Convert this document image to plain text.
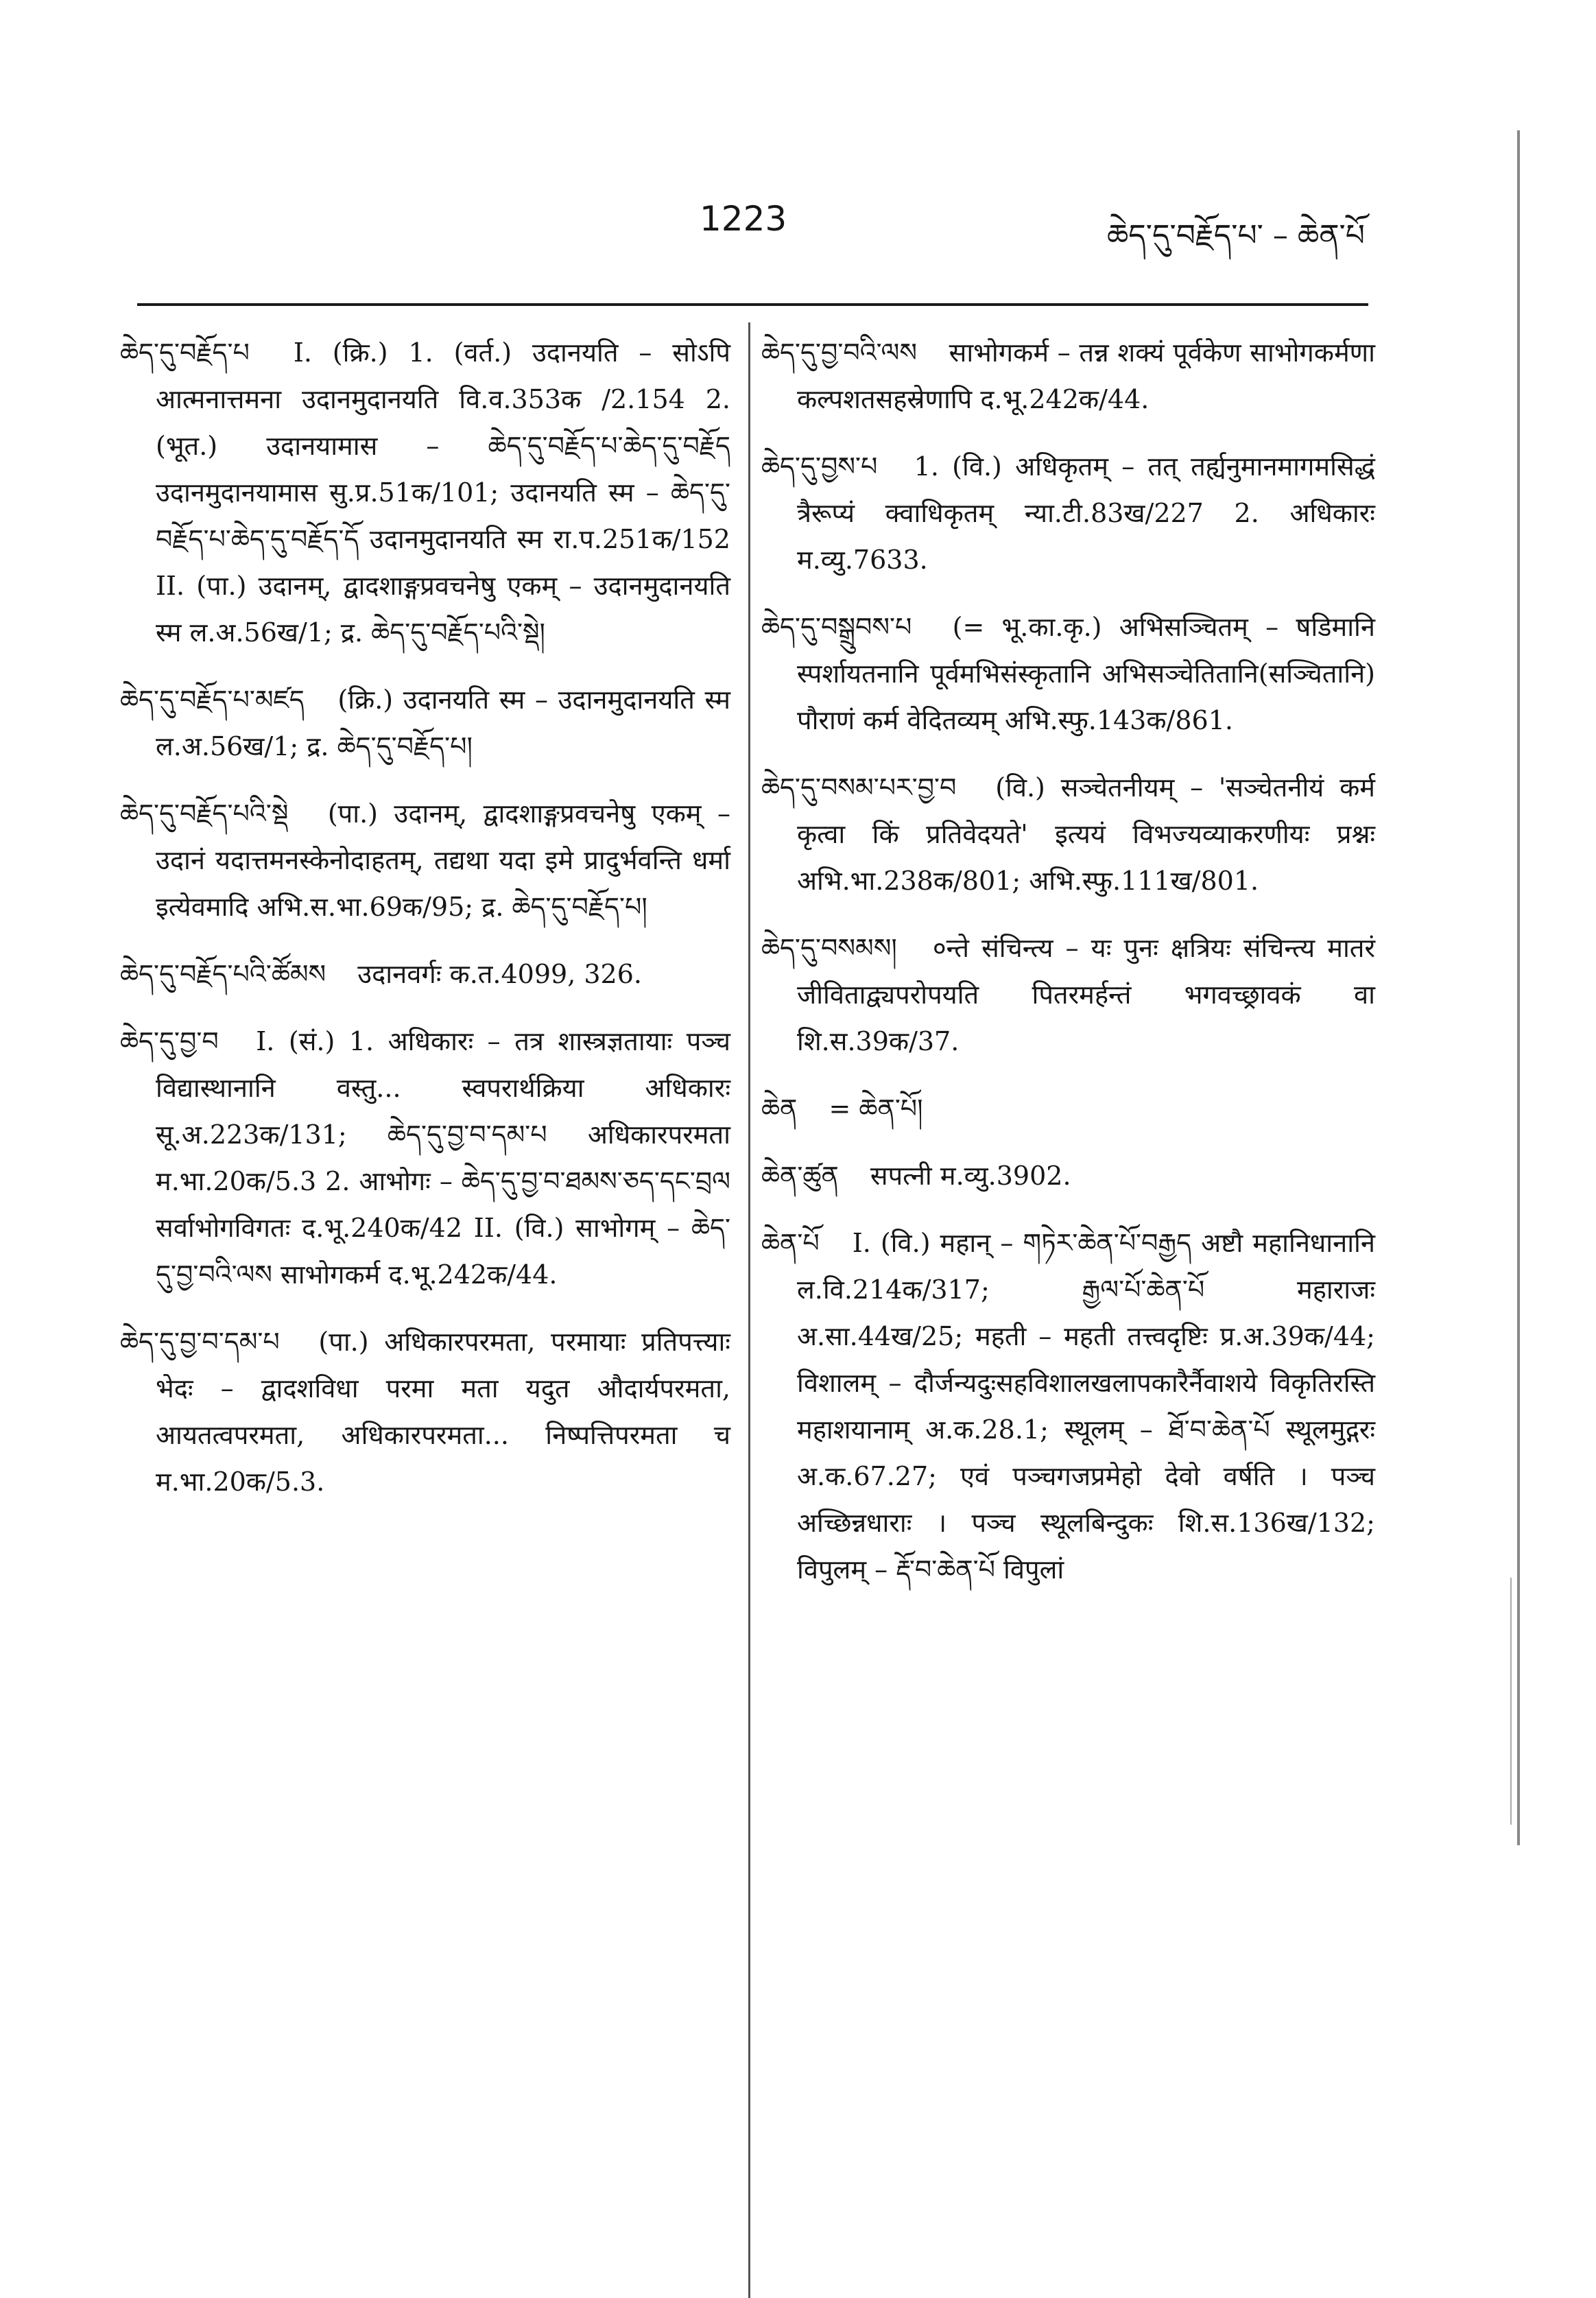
1223	ཆེད་དུ་བརྗོད་པ་ – ཆེན་པོ
ཆེད་དུ་བརྗོད་པ I. (क्रि.) 1. (वर्त.) उदानयति – सोऽपि आत्मनात्तमना उदानमुदानयति वि.व.353क /2.154 2. (भूत.) उदानयामास – ཆེད་དུ་བརྗོད་པ་ཆེད་དུ་བརྗོད उदानमुदानयामास सु.प्र.51क/101; उदानयति स्म – ཆེད་དུ་བརྗོད་པ་ཆེད་དུ་བརྗོད་དོ उदानमुदानयति स्म रा.प.251क/152 II. (पा.) उदानम्, द्वादशाङ्गप्रवचनेषु एकम् – उदानमुदानयति स्म ल.अ.56ख/1; द्र. ཆེད་དུ་བརྗོད་པའི་སྡེ།
ཆེད་དུ་བརྗོད་པ་མཛད (क्रि.) उदानयति स्म – उदानमुदानयति स्म ल.अ.56ख/1; द्र. ཆེད་དུ་བརྗོད་པ།
ཆེད་དུ་བརྗོད་པའི་སྡེ (पा.) उदानम्, द्वादशाङ्गप्रवचनेषु एकम् – उदानं यदात्तमनस्केनोदाहतम्, तद्यथा यदा इमे प्रादुर्भवन्ति धर्मा इत्येवमादि अभि.स.भा.69क/95; द्र. ཆེད་དུ་བརྗོད་པ།
ཆེད་དུ་བརྗོད་པའི་ཚོམས उदानवर्गः क.त.4099, 326.
ཆེད་དུ་བྱ་བ I. (सं.) 1. अधिकारः – तत्र शास्त्रज्ञतायाः पञ्च विद्यास्थानानि वस्तु... स्वपरार्थक्रिया अधिकारः सू.अ.223क/131; ཆེད་དུ་བྱ་བ་དམ་པ अधिकारपरमता म.भा.20क/5.3 2. आभोगः – ཆེད་དུ་བྱ་བ་ཐམས་ཅད་དང་བྲལ सर्वाभोगविगतः द.भू.240क/42 II. (वि.) साभोगम् – ཆེད་དུ་བྱ་བའི་ལས साभोगकर्म द.भू.242क/44.
ཆེད་དུ་བྱ་བ་དམ་པ (पा.) अधिकारपरमता, परमायाः प्रतिपत्त्याः भेदः – द्वादशविधा परमा मता यदुत औदार्यपरमता, आयतत्वपरमता, अधिकारपरमता... निष्पत्तिपरमता च म.भा.20क/5.3.
ཆེད་དུ་བྱ་བའི་ལས साभोगकर्म – तन्न शक्यं पूर्वकेण साभोगकर्मणा कल्पशतसहस्रेणापि द.भू.242क/44.
ཆེད་དུ་བྱས་པ 1. (वि.) अधिकृतम् – तत् तर्ह्यनुमानमागमसिद्धं त्रैरूप्यं क्वाधिकृतम् न्या.टी.83ख/227 2. अधिकारः म.व्यु.7633.
ཆེད་དུ་བསྒྲུབས་པ (= भू.का.कृ.) अभिसञ्चितम् – षडिमानि स्पर्शायतनानि पूर्वमभिसंस्कृतानि अभिसञ्चेतितानि(सञ्चितानि) पौराणं कर्म वेदितव्यम् अभि.स्फु.143क/861.
ཆེད་དུ་བསམ་པར་བྱ་བ (वि.) सञ्चेतनीयम् – 'सञ्चेतनीयं कर्म कृत्वा किं प्रतिवेदयते' इत्ययं विभज्यव्याकरणीयः प्रश्नः अभि.भा.238क/801; अभि.स्फु.111ख/801.
ཆེད་དུ་བསམས། ०न्ते संचिन्त्य – यः पुनः क्षत्रियः संचिन्त्य मातरं जीविताद्व्यपरोपयति पितरमर्हन्तं भगवच्छ्रावकं वा शि.स.39क/37.
ཆེན = ཆེན་པོ།
ཆེན་ཚུན सपत्नी म.व्यु.3902.
ཆེན་པོ I. (वि.) महान् – གཏེར་ཆེན་པོ་བརྒྱད अष्टौ महानिधानानि ल.वि.214क/317; རྒྱལ་པོ་ཆེན་པོ महाराजः अ.सा.44ख/25; महती – महती तत्त्वदृष्टिः प्र.अ.39क/44; विशालम् – दौर्जन्यदुःसहविशालखलापकारैर्नैवाशये विकृतिरस्ति महाशयानाम् अ.क.28.1; स्थूलम् – ཐོ་བ་ཆེན་པོ स्थूलमुद्गरः अ.क.67.27; एवं पञ्चगजप्रमेहो देवो वर्षति । पञ्च अच्छिन्नधाराः । पञ्च स्थूलबिन्दुकः शि.स.136ख/132; विपुलम् – རྡོ་བ་ཆེན་པོ विपुलां
